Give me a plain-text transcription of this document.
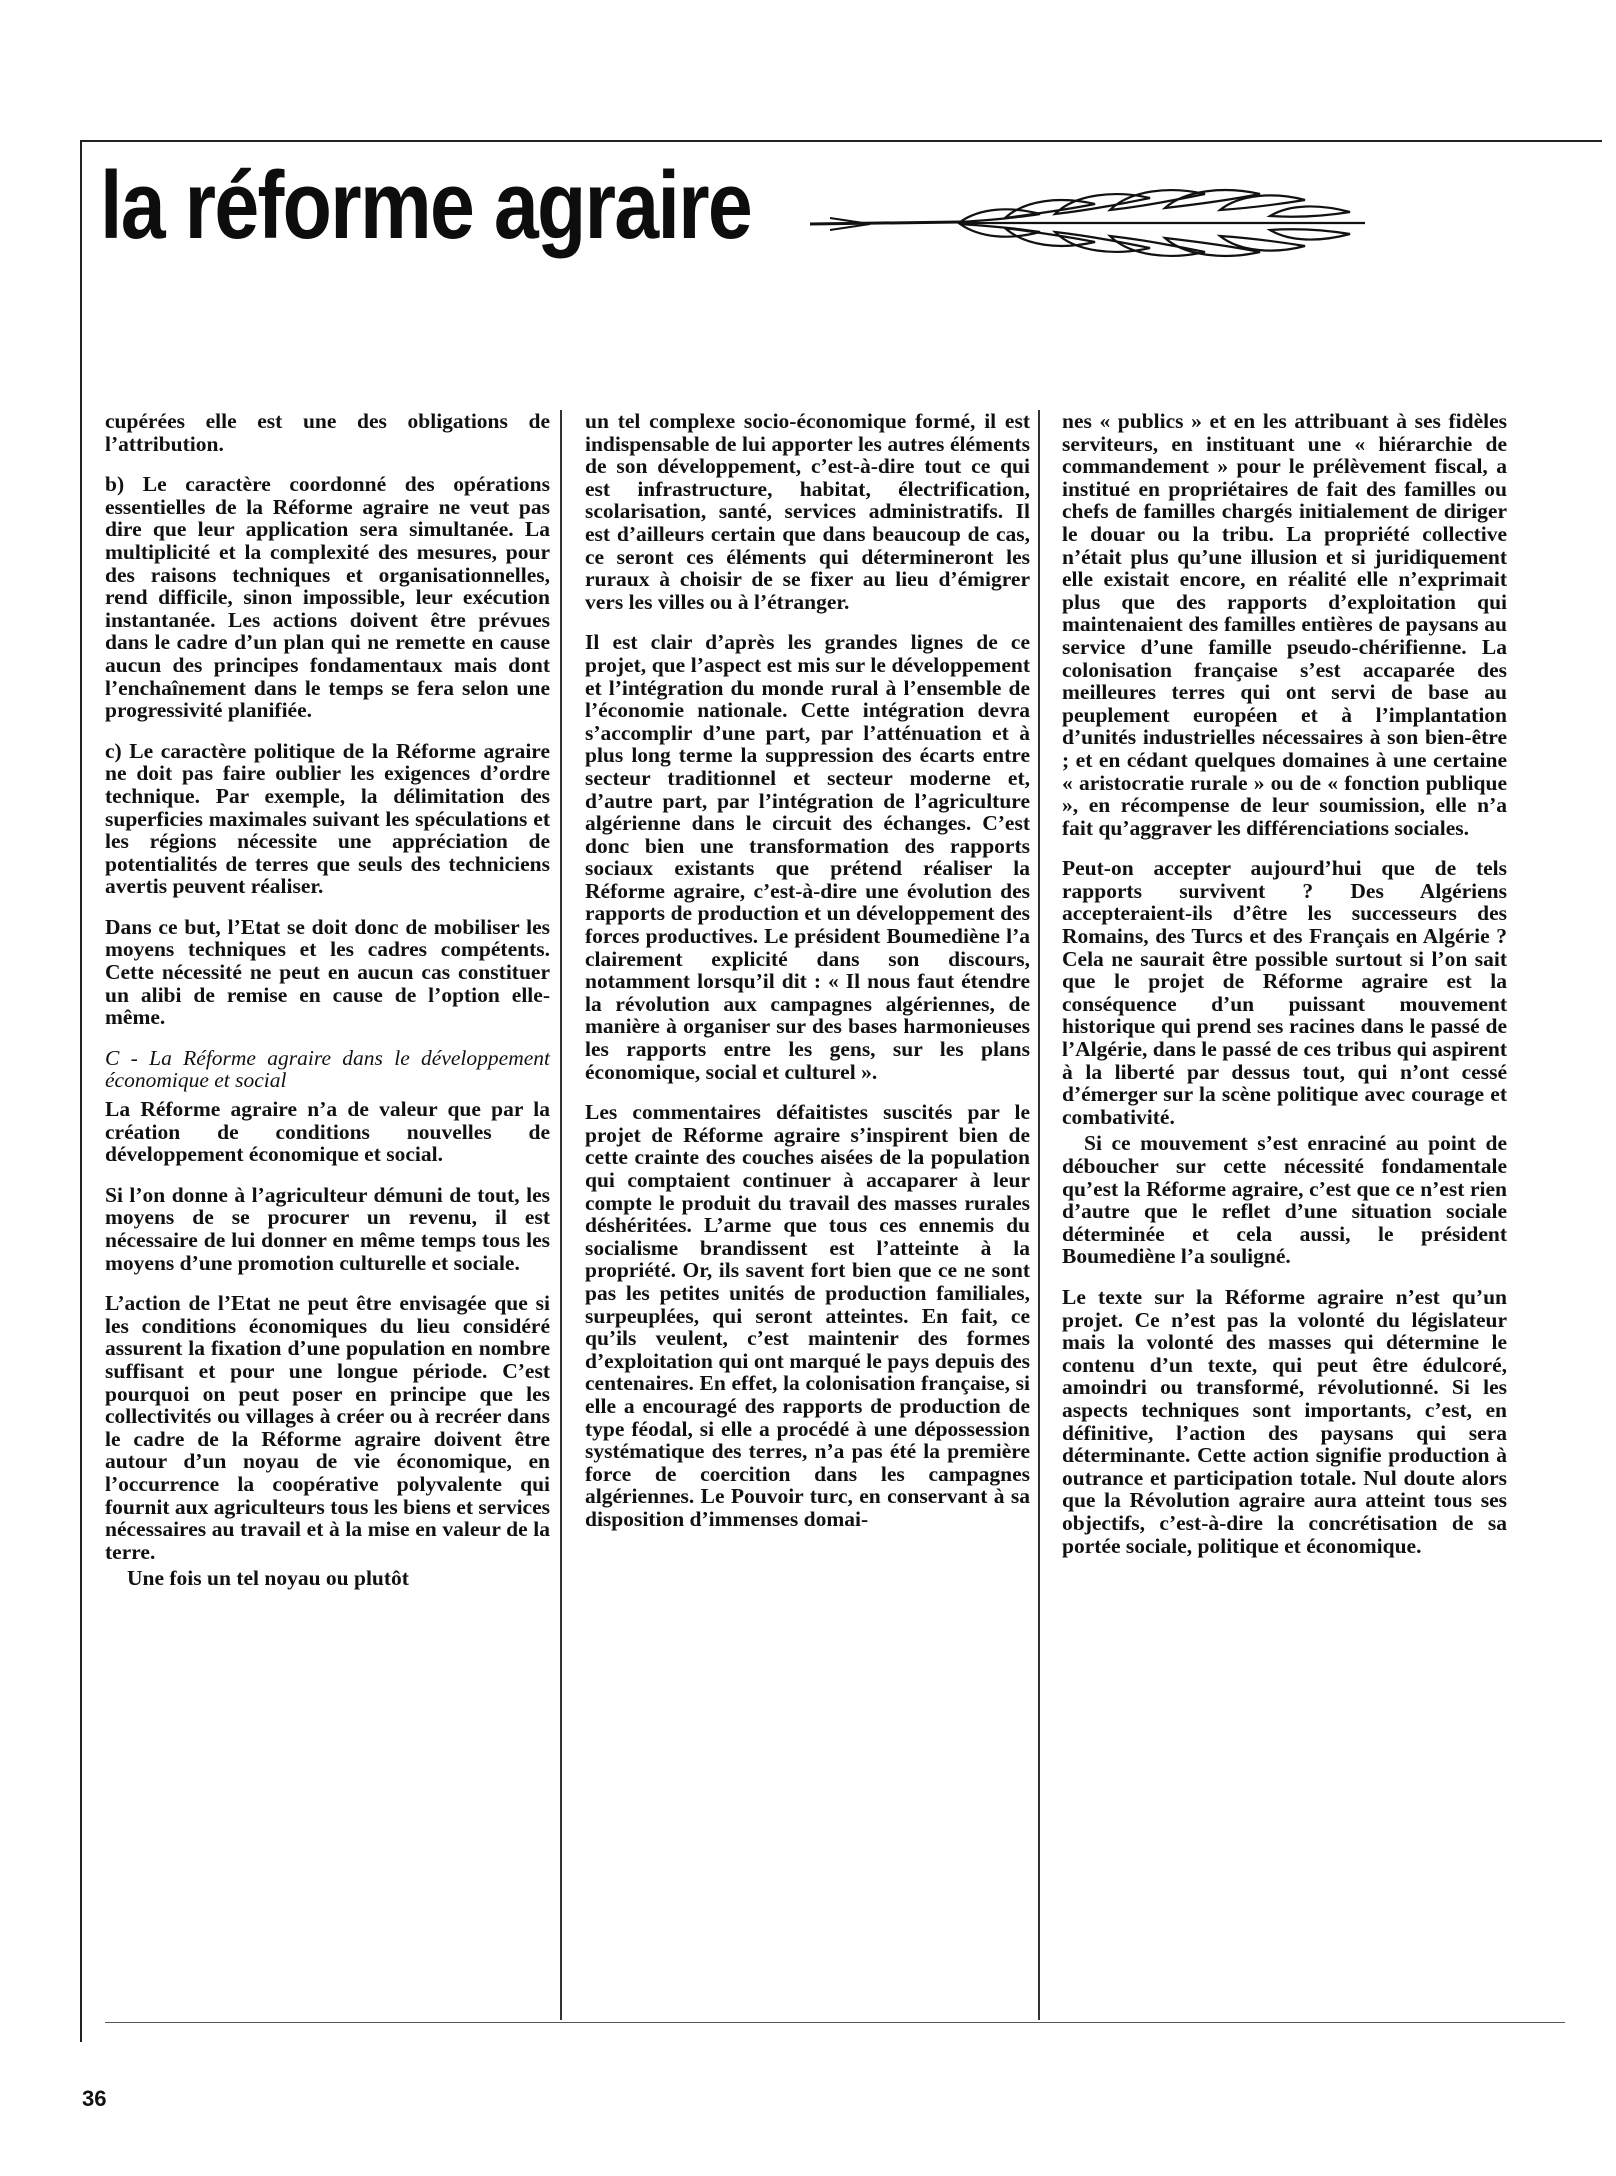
la réforme agraire

cupérées elle est une des obligations de l’attribution.

b) Le caractère coordonné des opérations essentielles de la Réforme agraire ne veut pas dire que leur application sera simultanée. La multiplicité et la complexité des mesures, pour des raisons techniques et organisationnelles, rend difficile, sinon impossible, leur exécution instantanée. Les actions doivent être prévues dans le cadre d’un plan qui ne remette en cause aucun des principes fondamentaux mais dont l’enchaînement dans le temps se fera selon une progressivité planifiée.

c) Le caractère politique de la Réforme agraire ne doit pas faire oublier les exigences d’ordre technique. Par exemple, la délimitation des superficies maximales suivant les spéculations et les régions nécessite une appréciation de potentialités de terres que seuls des techniciens avertis peuvent réaliser.

Dans ce but, l’Etat se doit donc de mobiliser les moyens techniques et les cadres compétents. Cette nécessité ne peut en aucun cas constituer un alibi de remise en cause de l’option elle-même.

C - La Réforme agraire dans le développement économique et social

La Réforme agraire n’a de valeur que par la création de conditions nouvelles de développement économique et social.

Si l’on donne à l’agriculteur démuni de tout, les moyens de se procurer un revenu, il est nécessaire de lui donner en même temps tous les moyens d’une promotion culturelle et sociale.

L’action de l’Etat ne peut être envisagée que si les conditions économiques du lieu considéré assurent la fixation d’une population en nombre suffisant et pour une longue période. C’est pourquoi on peut poser en principe que les collectivités ou villages à créer ou à recréer dans le cadre de la Réforme agraire doivent être autour d’un noyau de vie économique, en l’occurrence la coopérative polyvalente qui fournit aux agriculteurs tous les biens et services nécessaires au travail et à la mise en valeur de la terre.

Une fois un tel noyau ou plutôt

un tel complexe socio-économique formé, il est indispensable de lui apporter les autres éléments de son développement, c’est-à-dire tout ce qui est infrastructure, habitat, électrification, scolarisation, santé, services administratifs. Il est d’ailleurs certain que dans beaucoup de cas, ce seront ces éléments qui détermineront les ruraux à choisir de se fixer au lieu d’émigrer vers les villes ou à l’étranger.

Il est clair d’après les grandes lignes de ce projet, que l’aspect est mis sur le développement et l’intégration du monde rural à l’ensemble de l’économie nationale. Cette intégration devra s’accomplir d’une part, par l’atténuation et à plus long terme la suppression des écarts entre secteur traditionnel et secteur moderne et, d’autre part, par l’intégration de l’agriculture algérienne dans le circuit des échanges. C’est donc bien une transformation des rapports sociaux existants que prétend réaliser la Réforme agraire, c’est-à-dire une évolution des rapports de production et un développement des forces productives. Le président Boumediène l’a clairement explicité dans son discours, notamment lorsqu’il dit : « Il nous faut étendre la révolution aux campagnes algériennes, de manière à organiser sur des bases harmonieuses les rapports entre les gens, sur les plans économique, social et culturel ».

Les commentaires défaitistes suscités par le projet de Réforme agraire s’inspirent bien de cette crainte des couches aisées de la population qui comptaient continuer à accaparer à leur compte le produit du travail des masses rurales déshéritées. L’arme que tous ces ennemis du socialisme brandissent est l’atteinte à la propriété. Or, ils savent fort bien que ce ne sont pas les petites unités de production familiales, surpeuplées, qui seront atteintes. En fait, ce qu’ils veulent, c’est maintenir des formes d’exploitation qui ont marqué le pays depuis des centenaires. En effet, la colonisation française, si elle a encouragé des rapports de production de type féodal, si elle a procédé à une dépossession systématique des terres, n’a pas été la première force de coercition dans les campagnes algériennes. Le Pouvoir turc, en conservant à sa disposition d’immenses domai-

nes « publics » et en les attribuant à ses fidèles serviteurs, en instituant une « hiérarchie de commandement » pour le prélèvement fiscal, a institué en propriétaires de fait des familles ou chefs de familles chargés initialement de diriger le douar ou la tribu. La propriété collective n’était plus qu’une illusion et si juridiquement elle existait encore, en réalité elle n’exprimait plus que des rapports d’exploitation qui maintenaient des familles entières de paysans au service d’une famille pseudo-chérifienne. La colonisation française s’est accaparée des meilleures terres qui ont servi de base au peuplement européen et à l’implantation d’unités industrielles nécessaires à son bien-être ; et en cédant quelques domaines à une certaine « aristocratie rurale » ou de « fonction publique », en récompense de leur soumission, elle n’a fait qu’aggraver les différenciations sociales.

Peut-on accepter aujourd’hui que de tels rapports survivent ? Des Algériens accepteraient-ils d’être les successeurs des Romains, des Turcs et des Français en Algérie ? Cela ne saurait être possible surtout si l’on sait que le projet de Réforme agraire est la conséquence d’un puissant mouvement historique qui prend ses racines dans le passé de l’Algérie, dans le passé de ces tribus qui aspirent à la liberté par dessus tout, qui n’ont cessé d’émerger sur la scène politique avec courage et combativité.

Si ce mouvement s’est enraciné au point de déboucher sur cette nécessité fondamentale qu’est la Réforme agraire, c’est que ce n’est rien d’autre que le reflet d’une situation sociale déterminée et cela aussi, le président Boumediène l’a souligné.

Le texte sur la Réforme agraire n’est qu’un projet. Ce n’est pas la volonté du législateur mais la volonté des masses qui détermine le contenu d’un texte, qui peut être édulcoré, amoindri ou transformé, révolutionné. Si les aspects techniques sont importants, c’est, en définitive, l’action des paysans qui sera déterminante. Cette action signifie production à outrance et participation totale. Nul doute alors que la Révolution agraire aura atteint tous ses objectifs, c’est-à-dire la concrétisation de sa portée sociale, politique et économique.

36
